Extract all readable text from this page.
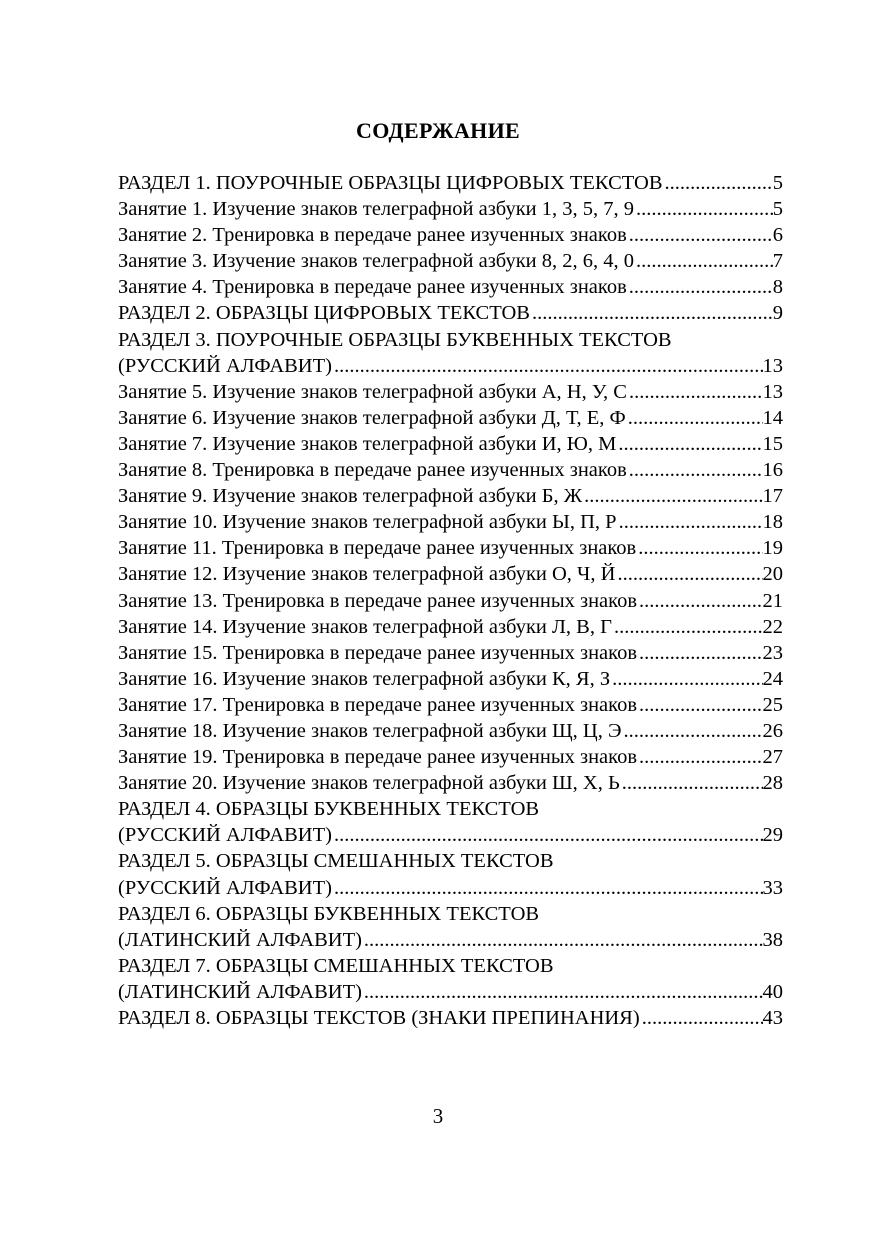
СОДЕРЖАНИЕ
РАЗДЕЛ 1. ПОУРОЧНЫЕ ОБРАЗЦЫ ЦИФРОВЫХ ТЕКСТОВ .....	5
Занятие 1. Изучение знаков телеграфной азбуки 1, 3, 5, 7, 9 .....	5
Занятие 2. Тренировка в передаче ранее изученных знаков .....	6
Занятие 3. Изучение знаков телеграфной азбуки 8, 2, 6, 4, 0 .....	7
Занятие 4. Тренировка в передаче ранее изученных знаков .....	8
РАЗДЕЛ 2. ОБРАЗЦЫ ЦИФРОВЫХ ТЕКСТОВ .....	9
РАЗДЕЛ 3. ПОУРОЧНЫЕ ОБРАЗЦЫ БУКВЕННЫХ ТЕКСТОВ
(РУССКИЙ АЛФАВИТ) .....	13
Занятие 5. Изучение знаков телеграфной азбуки А, Н, У, С .....	13
Занятие 6. Изучение знаков телеграфной азбуки Д, Т, Е, Ф .....	14
Занятие 7. Изучение знаков телеграфной азбуки И, Ю, М .....	15
Занятие 8. Тренировка в передаче ранее изученных знаков .....	16
Занятие 9. Изучение знаков телеграфной азбуки Б, Ж .....	17
Занятие 10. Изучение знаков телеграфной азбуки Ы, П, Р .....	18
Занятие 11. Тренировка в передаче ранее изученных знаков .....	19
Занятие 12. Изучение знаков телеграфной азбуки О, Ч, Й .....	20
Занятие 13. Тренировка в передаче ранее изученных знаков .....	21
Занятие 14. Изучение знаков телеграфной азбуки Л, В, Г .....	22
Занятие 15. Тренировка в передаче ранее изученных знаков .....	23
Занятие 16. Изучение знаков телеграфной азбуки К, Я, З .....	24
Занятие 17. Тренировка в передаче ранее изученных знаков .....	25
Занятие 18. Изучение знаков телеграфной азбуки Щ, Ц, Э .....	26
Занятие 19. Тренировка в передаче ранее изученных знаков .....	27
Занятие 20. Изучение знаков телеграфной азбуки Ш, Х, Ь .....	28
РАЗДЕЛ 4. ОБРАЗЦЫ БУКВЕННЫХ ТЕКСТОВ
(РУССКИЙ АЛФАВИТ) .....	29
РАЗДЕЛ 5. ОБРАЗЦЫ СМЕШАННЫХ ТЕКСТОВ
(РУССКИЙ АЛФАВИТ) .....	33
РАЗДЕЛ 6. ОБРАЗЦЫ БУКВЕННЫХ ТЕКСТОВ
(ЛАТИНСКИЙ АЛФАВИТ) .....	38
РАЗДЕЛ 7. ОБРАЗЦЫ СМЕШАННЫХ ТЕКСТОВ
(ЛАТИНСКИЙ АЛФАВИТ) .....	40
РАЗДЕЛ 8. ОБРАЗЦЫ ТЕКСТОВ (ЗНАКИ ПРЕПИНАНИЯ) .....	43
3
